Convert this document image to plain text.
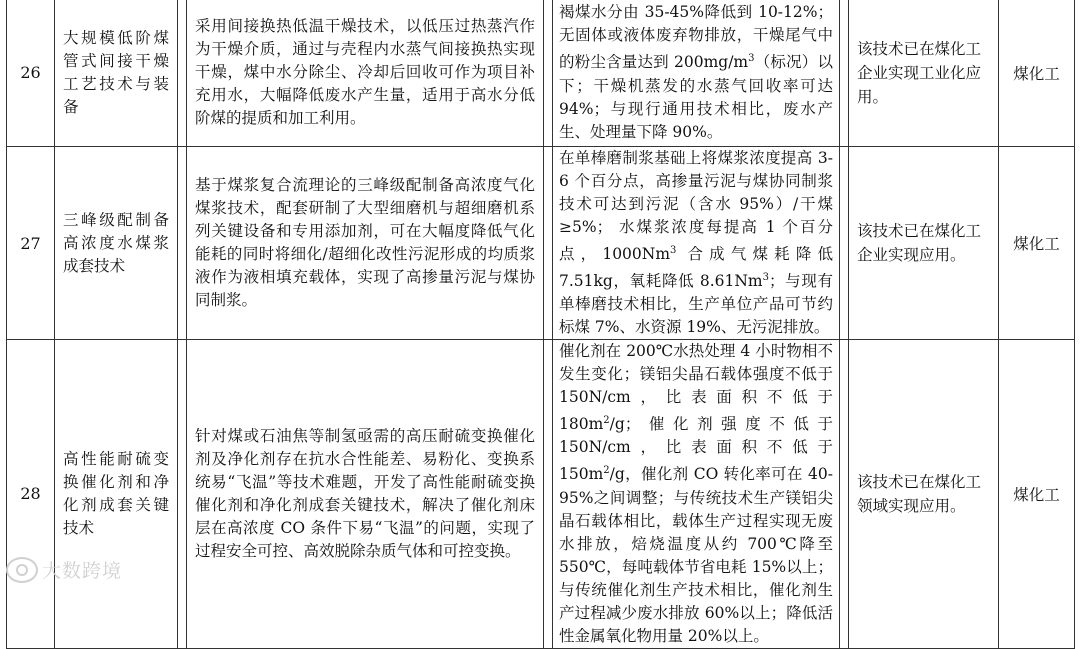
26	大规模低阶煤管式间接干燥工艺技术与装备		采用间接换热低温干燥技术，以低压过热蒸汽作为干燥介质，通过与壳程内水蒸气间接换热实现干燥，煤中水分除尘、冷却后回收可作为项目补充用水，大幅降低废水产生量，适用于高水分低阶煤的提质和加工利用。		褐煤水分由 35-45%降低到 10-12%；无固体或液体废弃物排放，干燥尾气中的粉尘含量达到 $200mg/m^3$（标况）以下；干燥机蒸发的水蒸气回收率可达 94%；与现行通用技术相比，废水产生、处理量下降 90%。		该技术已在煤化工企业实现工业化应用。	煤化工
27	三峰级配制备高浓度水煤浆成套技术		基于煤浆复合流理论的三峰级配制备高浓度气化煤浆技术，配套研制了大型细磨机与超细磨机系列关键设备和专用添加剂，可在大幅度降低气化能耗的同时将细化/超细化改性污泥形成的均质浆液作为液相填充载体，实现了高掺量污泥与煤协同制浆。		在单棒磨制浆基础上将煤浆浓度提高 3-6 个百分点，高掺量污泥与煤协同制浆技术可达到污泥（含水 95%）/干煤≥5%； 水煤浆浓度每提高 1 个百分点，1000Nm$^3$ 合成气煤耗降低 7.51kg，氧耗降低 8.61Nm$^3$；与现有单棒磨技术相比，生产单位产品可节约标煤 7%、水资源 19%、无污泥排放。		该技术已在煤化工企业实现应用。	煤化工
28	高性能耐硫变换催化剂和净化剂成套关键技术		针对煤或石油焦等制氢亟需的高压耐硫变换催化剂及净化剂存在抗水合性能差、易粉化、变换系统易“飞温”等技术难题，开发了高性能耐硫变换催化剂和净化剂成套关键技术，解决了催化剂床层在高浓度 CO 条件下易“飞温”的问题，实现了过程安全可控、高效脱除杂质气体和可控变换。		催化剂在 200℃水热处理 4 小时物相不发生变化；镁铝尖晶石载体强度不低于 150N/cm，比表面积不低于 $180m^2/g$；催化剂强度不低于 150N/cm，比表面积不低于 $150m^2/g$，催化剂 CO 转化率可在 40-95%之间调整；与传统技术生产镁铝尖晶石载体相比，载体生产过程实现无废水排放，焙烧温度从约 700℃降至 550℃，每吨载体节省电耗 15%以上；与传统催化剂生产技术相比，催化剂生产过程减少废水排放 60%以上；降低活性金属氧化物用量 20%以上。		该技术已在煤化工领域实现应用。	煤化工
大数跨境
